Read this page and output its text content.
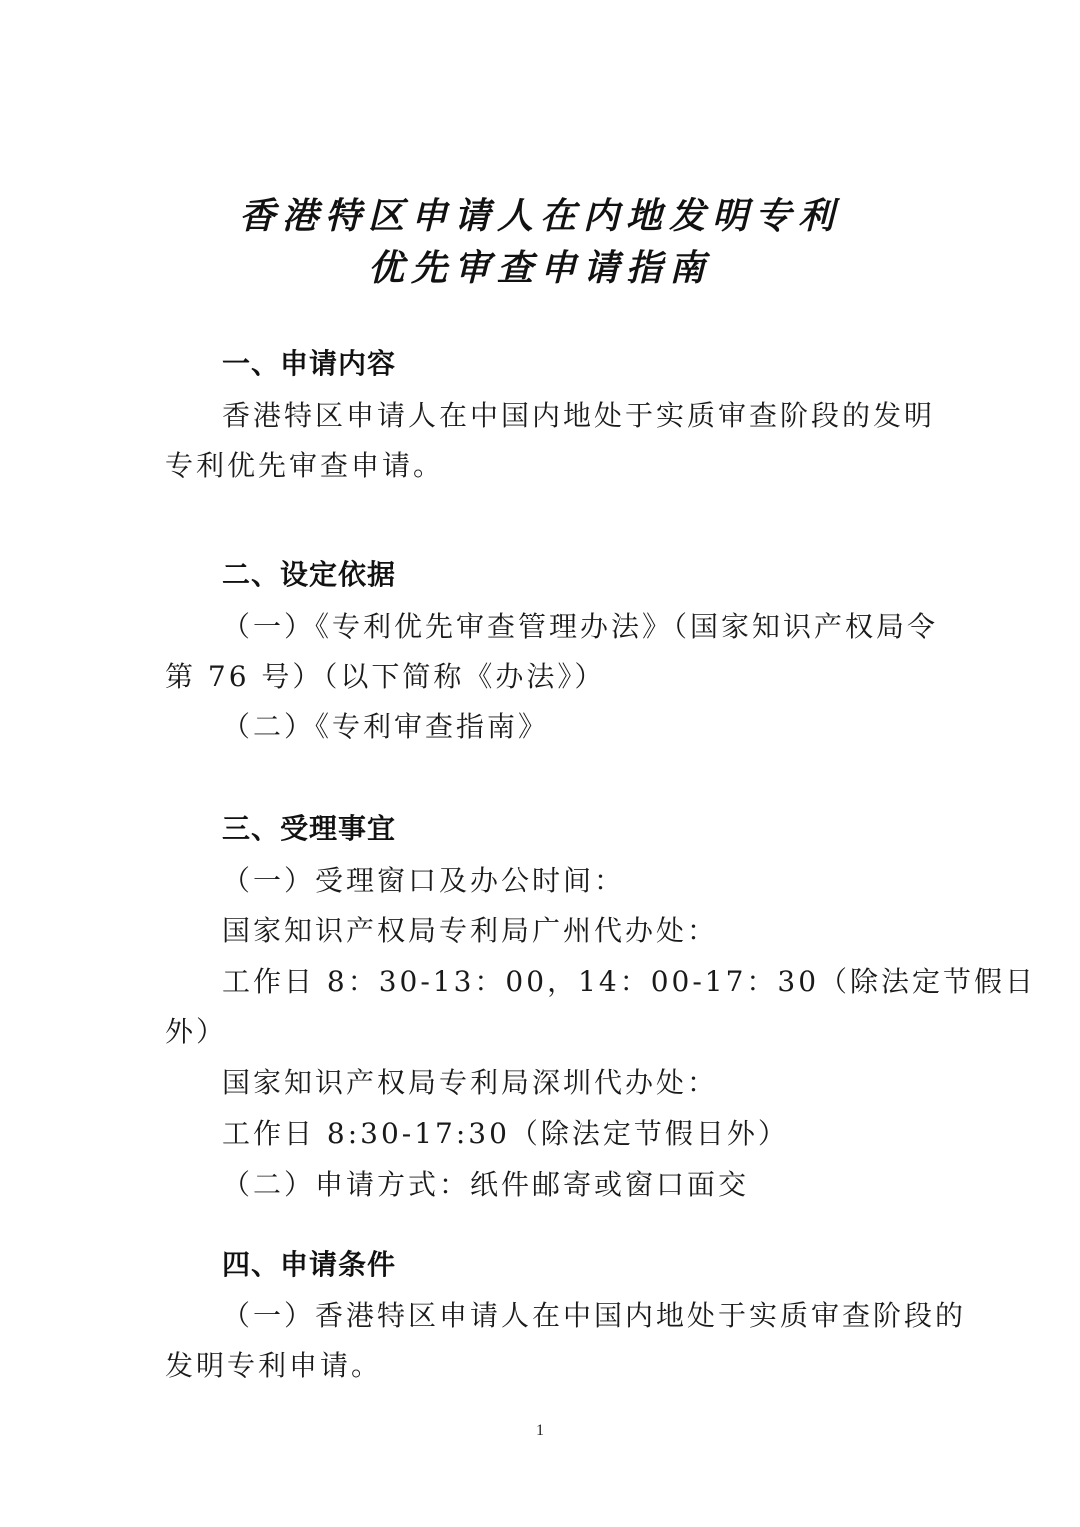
香港特区申请人在内地发明专利
优先审查申请指南
一、申请内容
香港特区申请人在中国内地处于实质审查阶段的发明
专利优先审查申请。
二、设定依据
（一）《专利优先审查管理办法》（国家知识产权局令
第 76 号）（以下简称《办法》）
（二）《专利审查指南》
三、受理事宜
（一）受理窗口及办公时间：
国家知识产权局专利局广州代办处：
工作日 8：30-13：00，14：00-17：30（除法定节假日
外）
国家知识产权局专利局深圳代办处：
工作日 8:30-17:30（除法定节假日外）
（二）申请方式：纸件邮寄或窗口面交
四、申请条件
（一）香港特区申请人在中国内地处于实质审查阶段的
发明专利申请。
1
